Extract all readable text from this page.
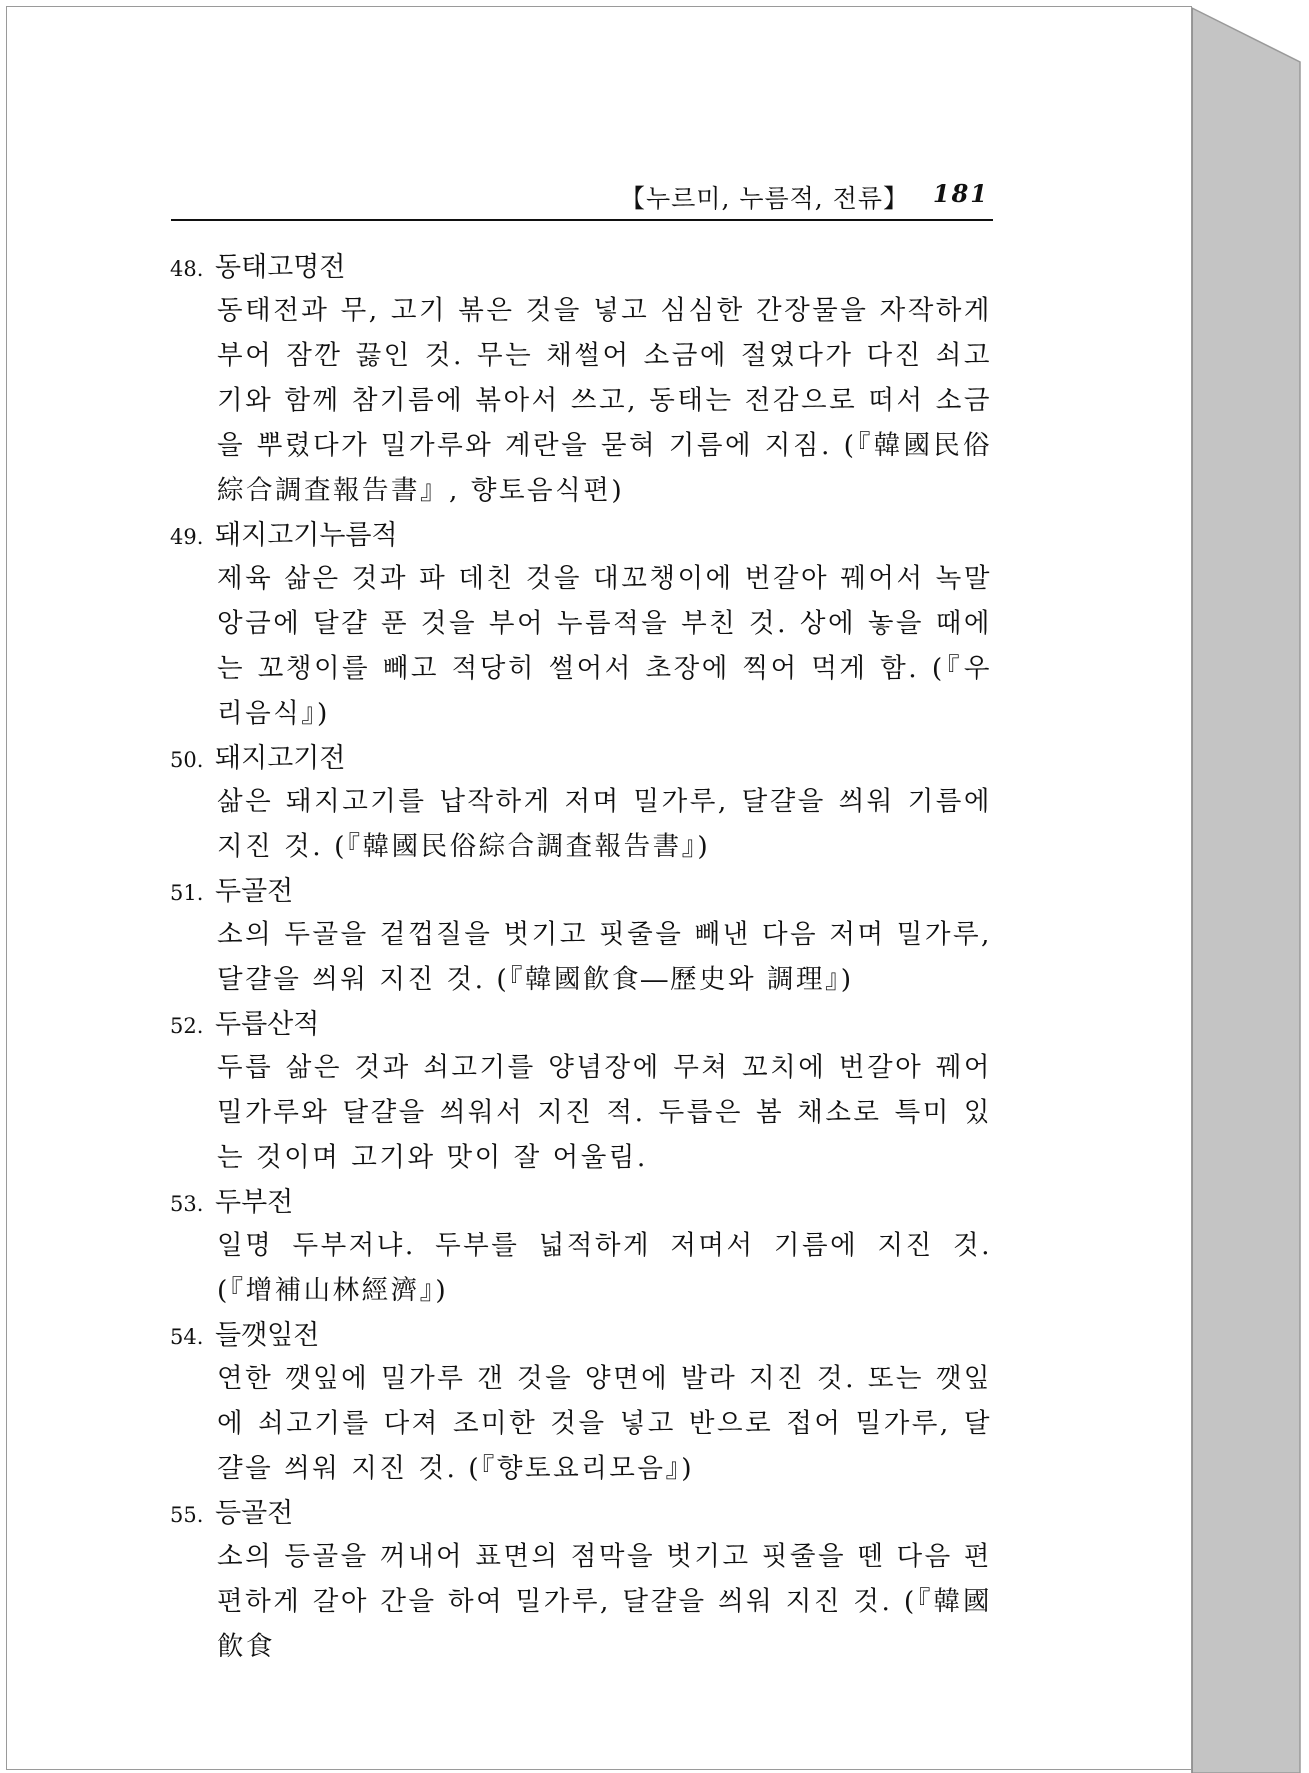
【누르미, 누름적, 전류】 181
48. 동태고명전
동태전과 무, 고기 볶은 것을 넣고 심심한 간장물을 자작하게 부어 잠깐 끓인 것. 무는 채썰어 소금에 절였다가 다진 쇠고기와 함께 참기름에 볶아서 쓰고, 동태는 전감으로 떠서 소금을 뿌렸다가 밀가루와 계란을 묻혀 기름에 지짐. (『韓國民俗綜合調査報告書』, 향토음식편)
49. 돼지고기누름적
제육 삶은 것과 파 데친 것을 대꼬챙이에 번갈아 꿰어서 녹말 앙금에 달걀 푼 것을 부어 누름적을 부친 것. 상에 놓을 때에는 꼬챙이를 빼고 적당히 썰어서 초장에 찍어 먹게 함. (『우리음식』)
50. 돼지고기전
삶은 돼지고기를 납작하게 저며 밀가루, 달걀을 씌워 기름에 지진 것. (『韓國民俗綜合調査報告書』)
51. 두골전
소의 두골을 겉껍질을 벗기고 핏줄을 빼낸 다음 저며 밀가루, 달걀을 씌워 지진 것. (『韓國飮食―歷史와 調理』)
52. 두릅산적
두릅 삶은 것과 쇠고기를 양념장에 무쳐 꼬치에 번갈아 꿰어 밀가루와 달걀을 씌워서 지진 적. 두릅은 봄 채소로 특미 있는 것이며 고기와 맛이 잘 어울림.
53. 두부전
일명 두부저냐. 두부를 넓적하게 저며서 기름에 지진 것. (『增補山林經濟』)
54. 들깻잎전
연한 깻잎에 밀가루 갠 것을 양면에 발라 지진 것. 또는 깻잎에 쇠고기를 다져 조미한 것을 넣고 반으로 접어 밀가루, 달걀을 씌워 지진 것. (『향토요리모음』)
55. 등골전
소의 등골을 꺼내어 표면의 점막을 벗기고 핏줄을 뗀 다음 편편하게 갈아 간을 하여 밀가루, 달걀을 씌워 지진 것. (『韓國飮食
